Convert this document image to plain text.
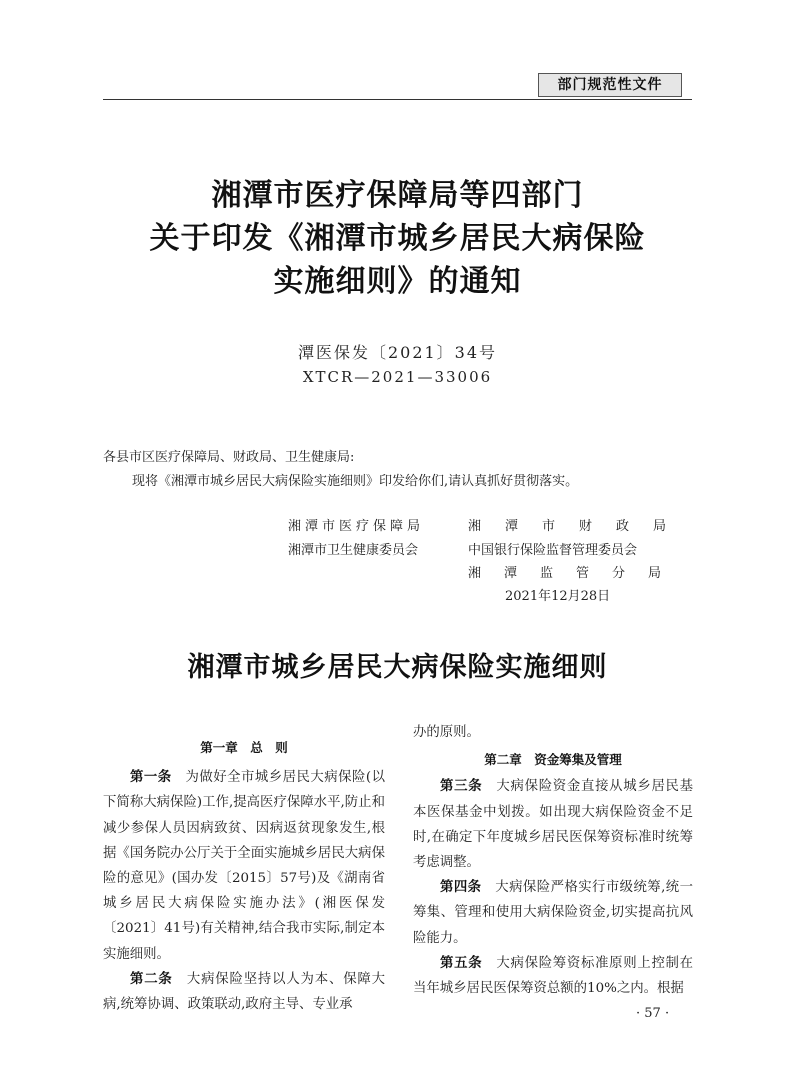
部门规范性文件
湘潭市医疗保障局等四部门
关于印发《湘潭市城乡居民大病保险
实施细则》的通知
潭医保发〔2021〕34号
XTCR—2021—33006
各县市区医疗保障局、财政局、卫生健康局:
现将《湘潭市城乡居民大病保险实施细则》印发给你们,请认真抓好贯彻落实。
湘潭市医疗保障局
湘潭市卫生健康委员会
湘潭市财政局
中国银行保险监督管理委员会
湘潭监管分局
2021年12月28日
湘潭市城乡居民大病保险实施细则
第一章　总　则

第一条　 为做好全市城乡居民大病保险(以下简称大病保险)工作,提高医疗保障水平,防止和减少参保人员因病致贫、因病返贫现象发生,根据《国务院办公厅关于全面实施城乡居民大病保险的意见》(国办发〔2015〕57号)及《湖南省城乡居民大病保险实施办法》(湘医保发〔2021〕41号)有关精神,结合我市实际,制定本实施细则。

第二条　 大病保险坚持以人为本、保障大病,统筹协调、政策联动,政府主导、专业承

办的原则。

第二章　资金筹集及管理

第三条　 大病保险资金直接从城乡居民基本医保基金中划拨。如出现大病保险资金不足时,在确定下年度城乡居民医保筹资标准时统筹考虑调整。

第四条　 大病保险严格实行市级统筹,统一筹集、管理和使用大病保险资金,切实提高抗风险能力。

第五条　 大病保险筹资标准原则上控制在当年城乡居民医保筹资总额的10%之内。根据

· 57 ·
